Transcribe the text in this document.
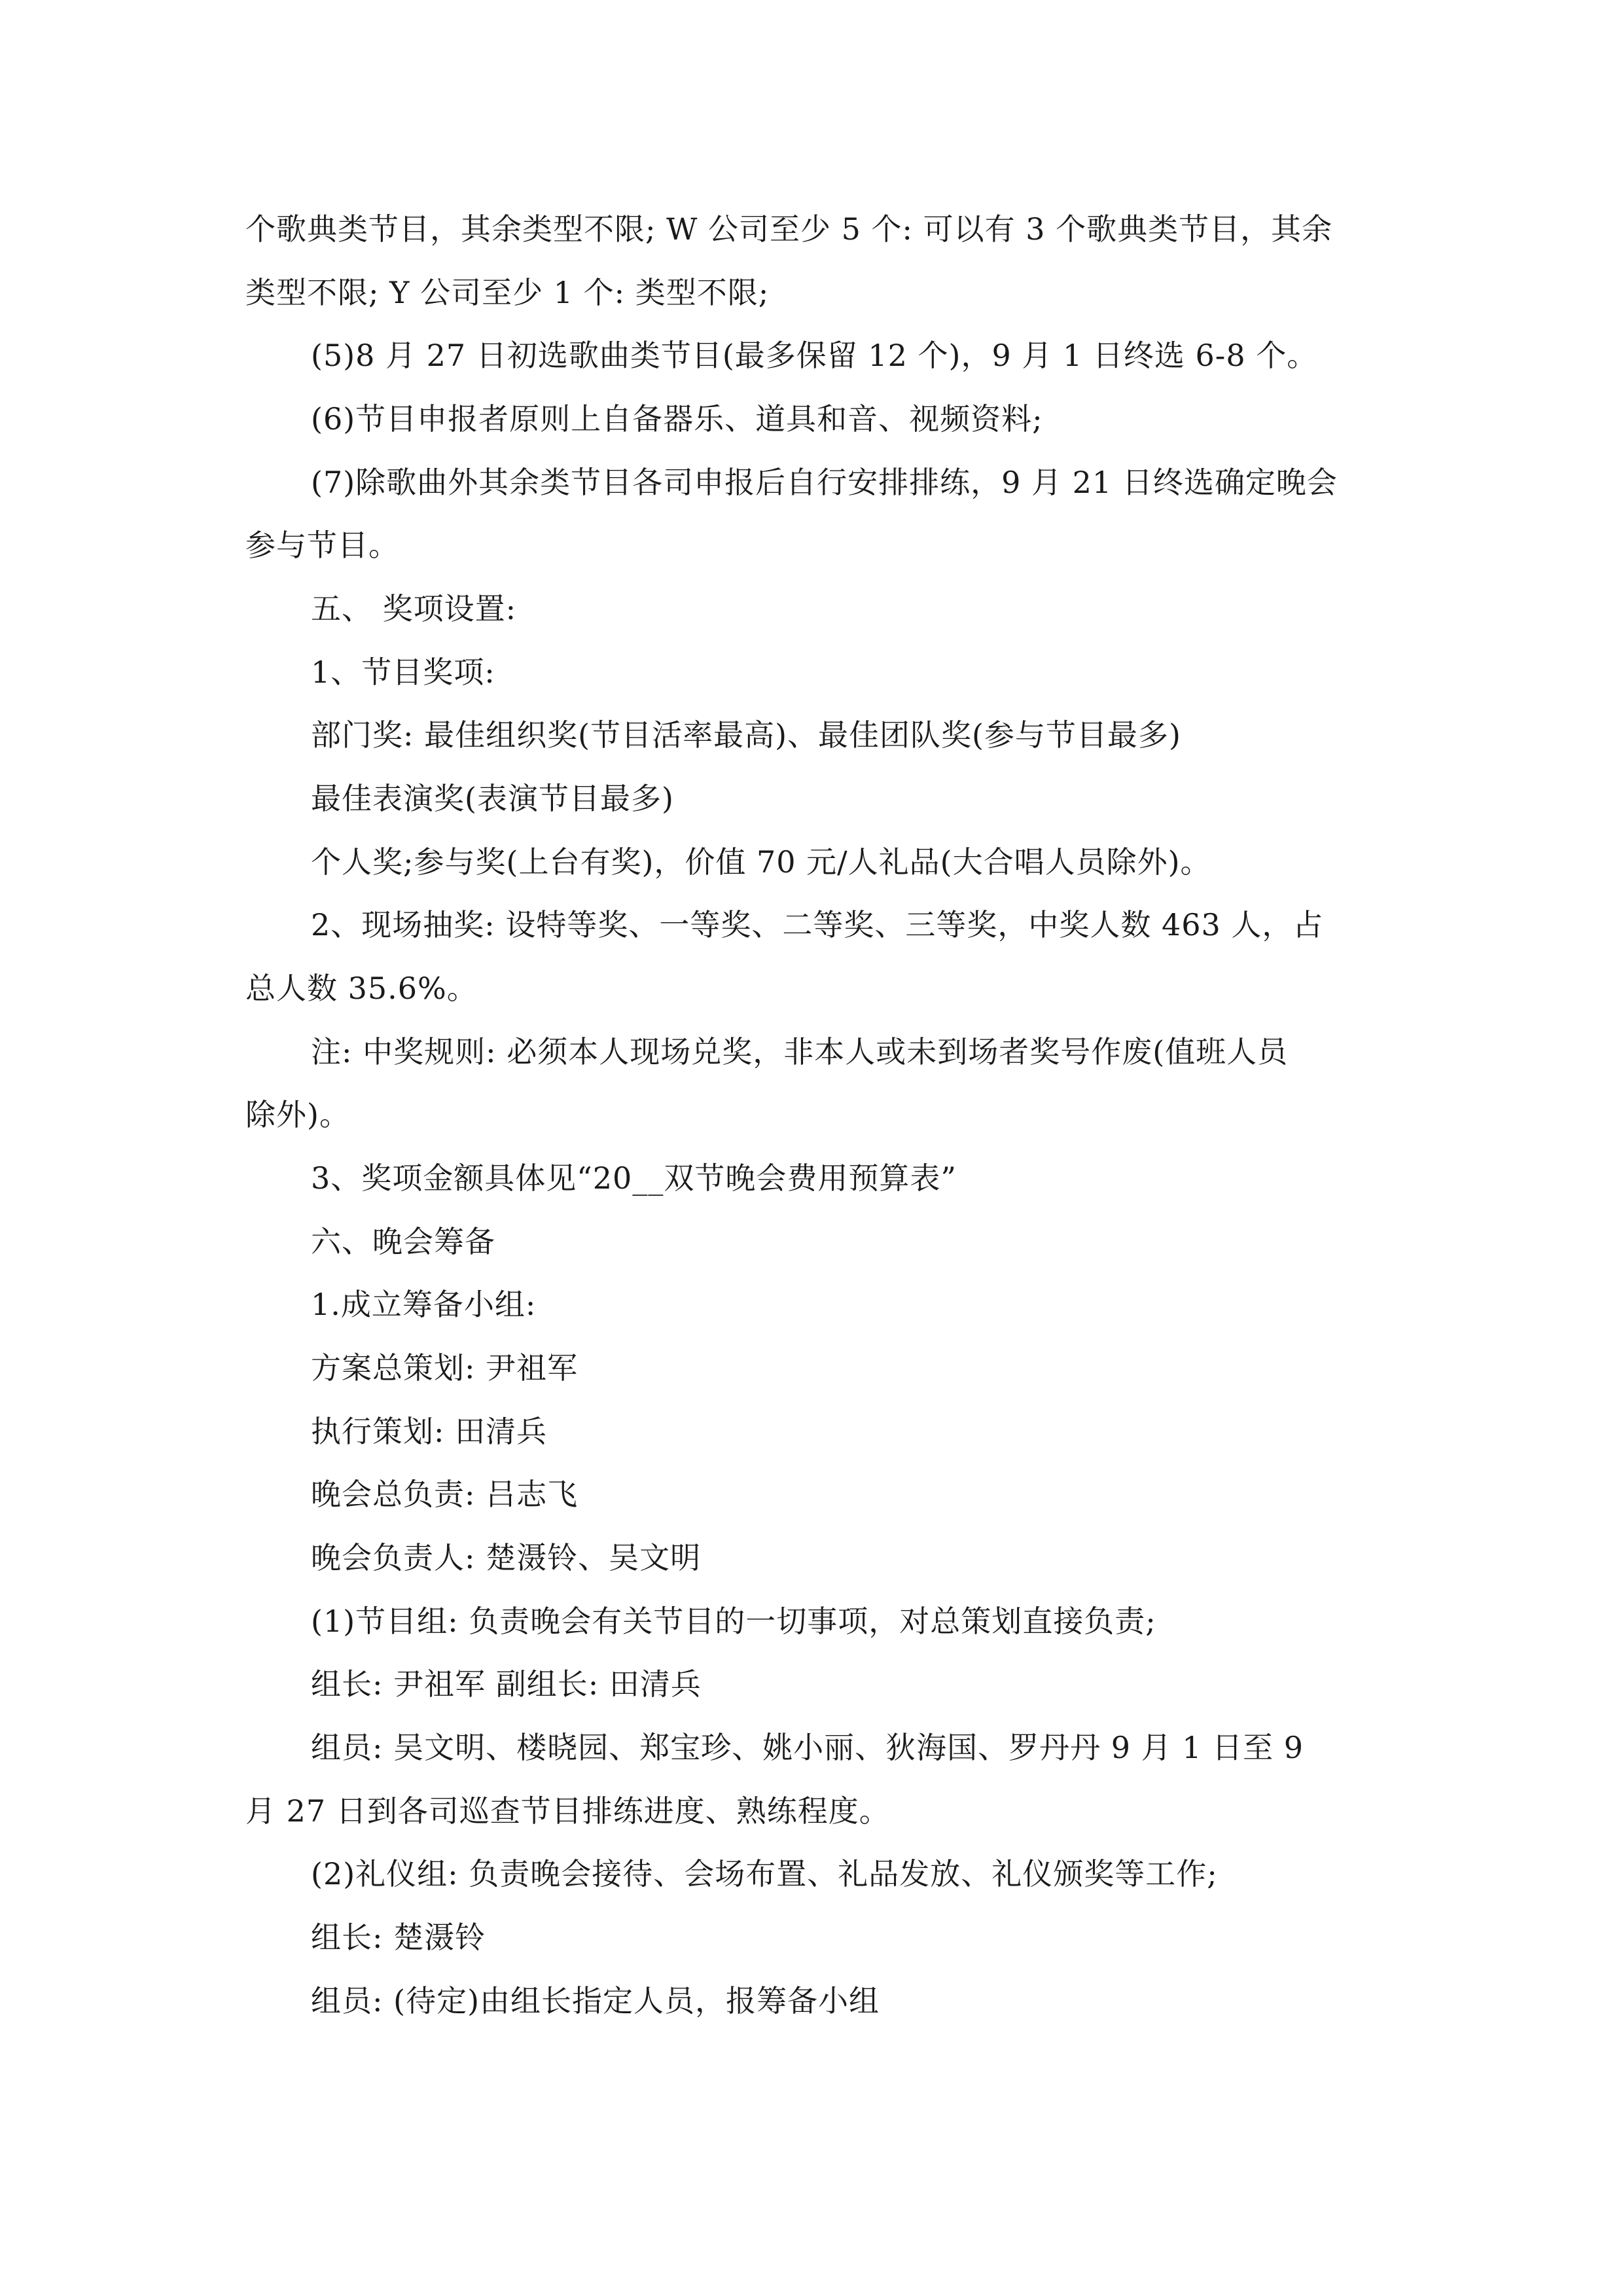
个歌典类节目，其余类型不限; W 公司至少 5 个: 可以有 3 个歌典类节目，其余
类型不限; Y 公司至少 1 个: 类型不限;
(5)8 月 27 日初选歌曲类节目(最多保留 12 个)，9 月 1 日终选 6-8 个。
(6)节目申报者原则上自备器乐、道具和音、视频资料;
(7)除歌曲外其余类节目各司申报后自行安排排练，9 月 21 日终选确定晚会
参与节目。
五、 奖项设置:
1、节目奖项:
部门奖: 最佳组织奖(节目活率最高)、最佳团队奖(参与节目最多)
最佳表演奖(表演节目最多)
个人奖;参与奖(上台有奖)，价值 70 元/人礼品(大合唱人员除外)。
2、现场抽奖: 设特等奖、一等奖、二等奖、三等奖，中奖人数 463 人，占
总人数 35.6%。
注: 中奖规则: 必须本人现场兑奖，非本人或未到场者奖号作废(值班人员
除外)。
3、奖项金额具体见“20__双节晚会费用预算表”
六、晚会筹备
1.成立筹备小组:
方案总策划: 尹祖军
执行策划: 田清兵
晚会总负责: 吕志飞
晚会负责人: 楚滠铃、吴文明
(1)节目组: 负责晚会有关节目的一切事项，对总策划直接负责;
组长: 尹祖军 副组长: 田清兵
组员: 吴文明、楼晓园、郑宝珍、姚小丽、狄海国、罗丹丹 9 月 1 日至 9
月 27 日到各司巡查节目排练进度、熟练程度。
(2)礼仪组: 负责晚会接待、会场布置、礼品发放、礼仪颁奖等工作;
组长: 楚滠铃
组员: (待定)由组长指定人员，报筹备小组
